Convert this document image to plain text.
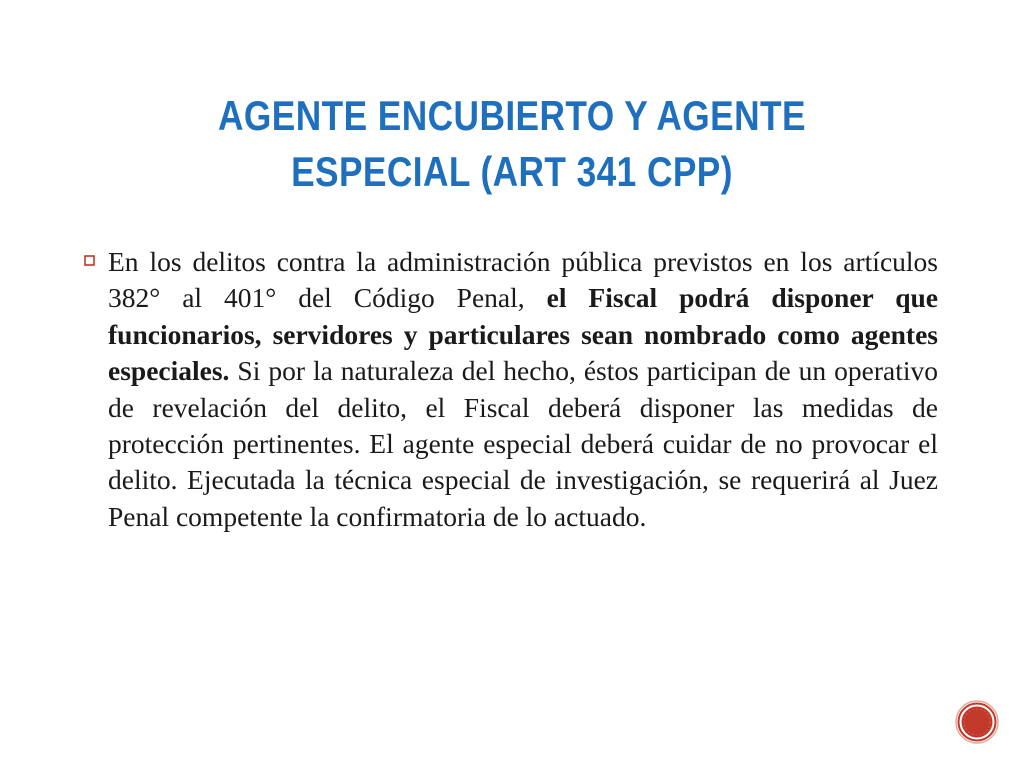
AGENTE ENCUBIERTO Y AGENTE
ESPECIAL (ART 341 CPP)

En los delitos contra la administración pública previstos en los artículos 382° al 401° del Código Penal, el Fiscal podrá disponer que funcionarios, servidores y particulares sean nombrado como agentes especiales. Si por la naturaleza del hecho, éstos participan de un operativo de revelación del delito, el Fiscal deberá disponer las medidas de protección pertinentes. El agente especial deberá cuidar de no provocar el delito. Ejecutada la técnica especial de investigación, se requerirá al Juez Penal competente la confirmatoria de lo actuado.
